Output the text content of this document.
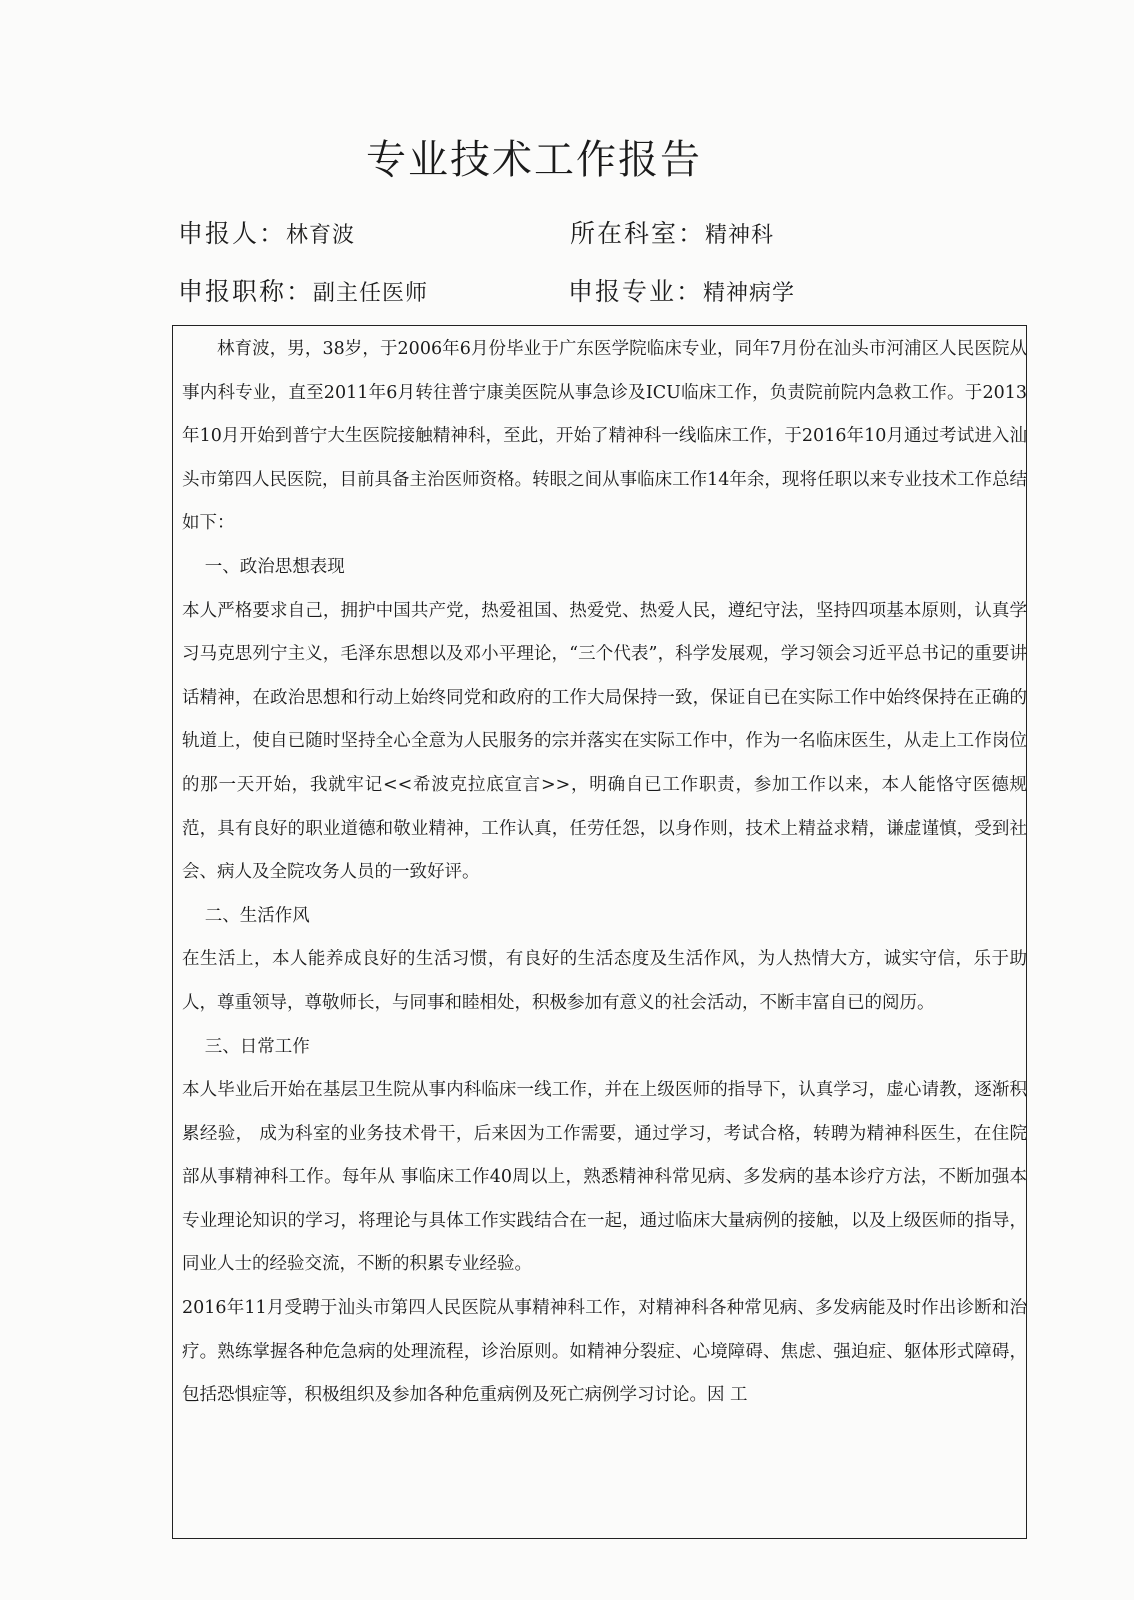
专业技术工作报告
申报人：林育波	所在科室：精神科
申报职称：副主任医师	申报专业：精神病学

林育波，男，38岁，于2006年6月份毕业于广东医学院临床专业，同年7月份在汕头市河浦区人民医院从事内科专业，直至2011年6月转往普宁康美医院从事急诊及ICU临床工作，负责院前院内急救工作。于2013年10月开始到普宁大生医院接触精神科，至此，开始了精神科一线临床工作，于2016年10月通过考试进入汕头市第四人民医院，目前具备主治医师资格。转眼之间从事临床工作14年余，现将任职以来专业技术工作总结如下：

一、政治思想表现

本人严格要求自己，拥护中国共产党，热爱祖国、热爱党、热爱人民，遵纪守法，坚持四项基本原则，认真学习马克思列宁主义，毛泽东思想以及邓小平理论，“三个代表”，科学发展观，学习领会习近平总书记的重要讲话精神，在政治思想和行动上始终同党和政府的工作大局保持一致，保证自已在实际工作中始终保持在正确的轨道上，使自已随时坚持全心全意为人民服务的宗并落实在实际工作中，作为一名临床医生，从走上工作岗位的那一天开始，我就牢记<<希波克拉底宣言>>，明确自已工作职责，参加工作以来，本人能恪守医德规范，具有良好的职业道德和敬业精神，工作认真，任劳任怨，以身作则，技术上精益求精，谦虚谨慎，受到社会、病人及全院攻务人员的一致好评。

二、生活作风

在生活上，本人能养成良好的生活习惯，有良好的生活态度及生活作风，为人热情大方，诚实守信，乐于助人，尊重领导，尊敬师长，与同事和睦相处，积极参加有意义的社会活动，不断丰富自已的阅历。

三、日常工作

本人毕业后开始在基层卫生院从事内科临床一线工作，并在上级医师的指导下，认真学习，虚心请教，逐渐积累经验， 成为科室的业务技术骨干，后来因为工作需要，通过学习，考试合格，转聘为精神科医生，在住院部从事精神科工作。每年从 事临床工作40周以上，熟悉精神科常见病、多发病的基本诊疗方法，不断加强本专业理论知识的学习，将理论与具体工作实践结合在一起，通过临床大量病例的接触，以及上级医师的指导，同业人士的经验交流，不断的积累专业经验。

2016年11月受聘于汕头市第四人民医院从事精神科工作，对精神科各种常见病、多发病能及时作出诊断和治疗。熟练掌握各种危急病的处理流程，诊治原则。如精神分裂症、心境障碍、焦虑、强迫症、躯体形式障碍，包括恐惧症等，积极组织及参加各种危重病例及死亡病例学习讨论。因 工
